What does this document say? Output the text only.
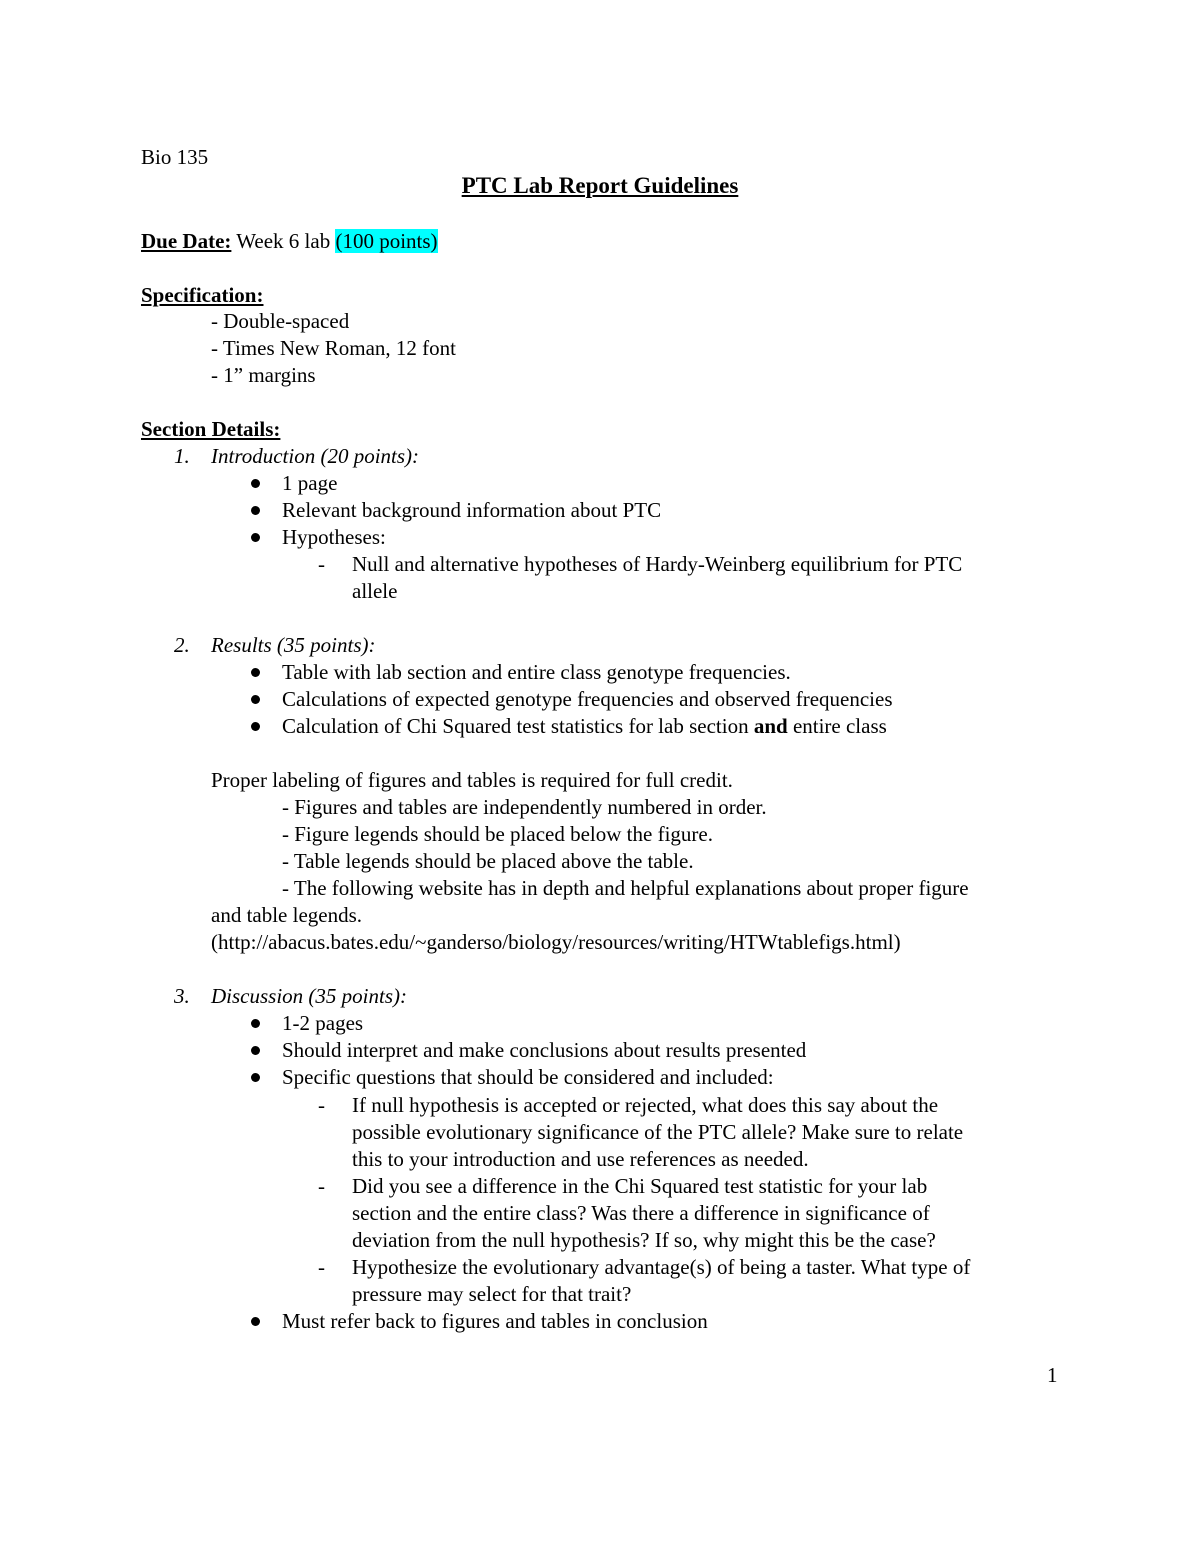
Bio 135
PTC Lab Report Guidelines
Due Date: Week 6 lab (100 points)
Specification:
- Double-spaced
- Times New Roman, 12 font
- 1” margins
Section Details:
1. Introduction (20 points):
1 page
Relevant background information about PTC
Hypotheses:
- Null and alternative hypotheses of Hardy-Weinberg equilibrium for PTC
allele
2. Results (35 points):
Table with lab section and entire class genotype frequencies.
Calculations of expected genotype frequencies and observed frequencies
Calculation of Chi Squared test statistics for lab section and entire class
Proper labeling of figures and tables is required for full credit.
- Figures and tables are independently numbered in order.
- Figure legends should be placed below the figure.
- Table legends should be placed above the table.
- The following website has in depth and helpful explanations about proper figure
and table legends.
(http://abacus.bates.edu/~ganderso/biology/resources/writing/HTWtablefigs.html)
3. Discussion (35 points):
1-2 pages
Should interpret and make conclusions about results presented
Specific questions that should be considered and included:
- If null hypothesis is accepted or rejected, what does this say about the
possible evolutionary significance of the PTC allele? Make sure to relate
this to your introduction and use references as needed.
- Did you see a difference in the Chi Squared test statistic for your lab
section and the entire class? Was there a difference in significance of
deviation from the null hypothesis? If so, why might this be the case?
- Hypothesize the evolutionary advantage(s) of being a taster. What type of
pressure may select for that trait?
Must refer back to figures and tables in conclusion
1
